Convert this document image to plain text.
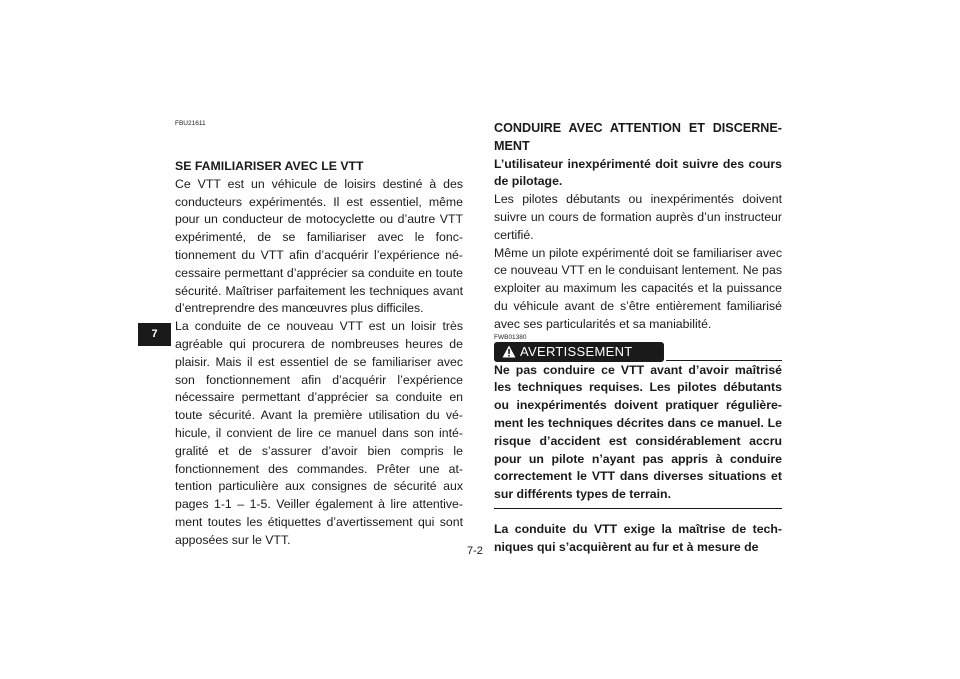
7
FBU21611

SE FAMILIARISER AVEC LE VTT

Ce VTT est un véhicule de loisirs destiné à des conducteurs expérimentés. Il est essentiel, même pour un conducteur de motocyclette ou d’autre VTT expérimenté, de se familiariser avec le fonctionnement du VTT afin d’acquérir l’expérience nécessaire permettant d’apprécier sa conduite en toute sécurité. Maîtriser parfaitement les techniques avant d’entreprendre des manœuvres plus difficiles.

La conduite de ce nouveau VTT est un loisir très agréable qui procurera de nombreuses heures de plaisir. Mais il est essentiel de se familiariser avec son fonctionnement afin d’acquérir l’expérience nécessaire permettant d’apprécier sa conduite en toute sécurité. Avant la première utilisation du véhicule, il convient de lire ce manuel dans son intégralité et de s’assurer d’avoir bien compris le fonctionnement des commandes. Prêter une attention particulière aux consignes de sécurité aux pages 1-1 – 1-5. Veiller également à lire attentivement toutes les étiquettes d’avertissement qui sont apposées sur le VTT.

CONDUIRE AVEC ATTENTION ET DISCERNEMENT

L’utilisateur inexpérimenté doit suivre des cours de pilotage.

Les pilotes débutants ou inexpérimentés doivent suivre un cours de formation auprès d’un instructeur certifié.

Même un pilote expérimenté doit se familiariser avec ce nouveau VTT en le conduisant lentement. Ne pas exploiter au maximum les capacités et la puissance du véhicule avant de s’être entièrement familiarisé avec ses particularités et sa maniabilité.

FWB01380
AVERTISSEMENT

Ne pas conduire ce VTT avant d’avoir maîtrisé les techniques requises. Les pilotes débutants ou inexpérimentés doivent pratiquer régulièrement les techniques décrites dans ce manuel. Le risque d’accident est considérablement accru pour un pilote n’ayant pas appris à conduire correctement le VTT dans diverses situations et sur différents types de terrain.

La conduite du VTT exige la maîtrise de techniques qui s’acquièrent au fur et à mesure de

7-2
